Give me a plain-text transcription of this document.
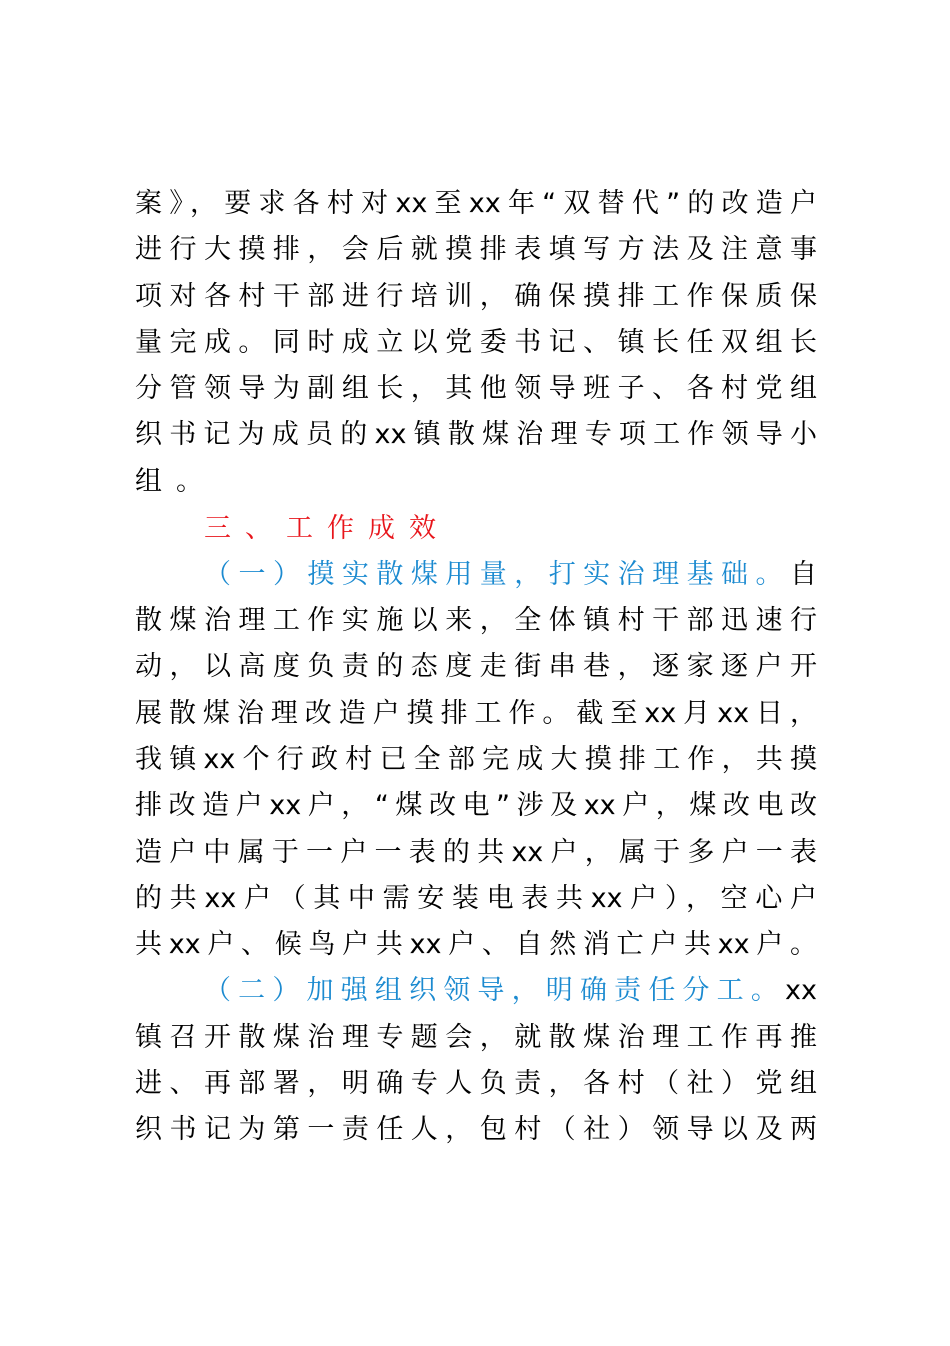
案》，要求各村对xx至xx年“双替代”的改造户
进行大摸排，会后就摸排表填写方法及注意事
项对各村干部进行培训，确保摸排工作保质保
量完成。同时成立以党委书记、镇长任双组长
分管领导为副组长，其他领导班子、各村党组
织书记为成员的xx镇散煤治理专项工作领导小
组。
三、工作成效
（一）摸实散煤用量，打实治理基础。自
散煤治理工作实施以来，全体镇村干部迅速行
动，以高度负责的态度走街串巷，逐家逐户开
展散煤治理改造户摸排工作。截至xx月xx日，
我镇xx个行政村已全部完成大摸排工作，共摸
排改造户xx户，“煤改电”涉及xx户，煤改电改
造户中属于一户一表的共xx户，属于多户一表
的共xx户（其中需安装电表共xx户），空心户
共xx户、候鸟户共xx户、自然消亡户共xx户。
（二）加强组织领导，明确责任分工。xx
镇召开散煤治理专题会，就散煤治理工作再推
进、再部署，明确专人负责，各村（社）党组
织书记为第一责任人，包村（社）领导以及两
